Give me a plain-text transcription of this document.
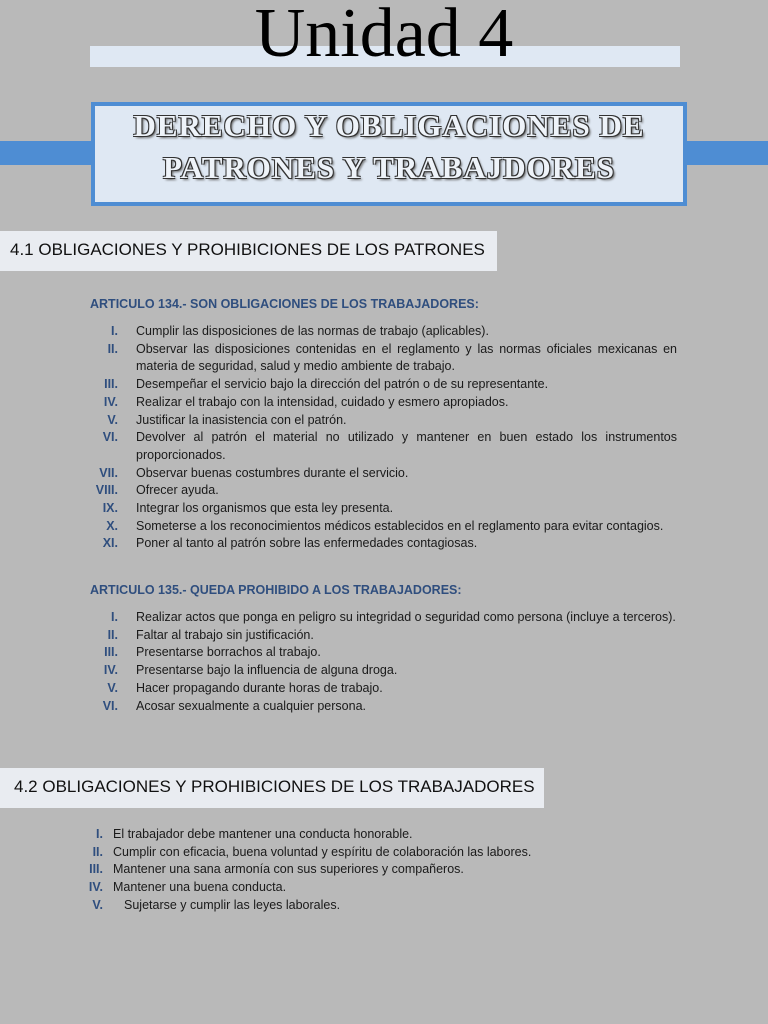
Unidad 4
DERECHO Y OBLIGACIONES DE
PATRONES Y TRABAJDORES
4.1 OBLIGACIONES Y PROHIBICIONES DE LOS PATRONES
ARTICULO 134.- SON OBLIGACIONES DE LOS TRABAJADORES:
I. Cumplir las disposiciones de las normas de trabajo (aplicables).
II. Observar las disposiciones contenidas en el reglamento y las normas oficiales mexicanas en materia de seguridad, salud y medio ambiente de trabajo.
III. Desempeñar el servicio bajo la dirección del patrón o de su representante.
IV. Realizar el trabajo con la intensidad, cuidado y esmero apropiados.
V. Justificar la inasistencia con el patrón.
VI. Devolver al patrón el material no utilizado y mantener en buen estado los instrumentos proporcionados.
VII. Observar buenas costumbres durante el servicio.
VIII. Ofrecer ayuda.
IX. Integrar los organismos que esta ley presenta.
X. Someterse a los reconocimientos médicos establecidos en el reglamento para evitar contagios.
XI. Poner al tanto al patrón sobre las enfermedades contagiosas.
ARTICULO 135.- QUEDA PROHIBIDO A LOS TRABAJADORES:
I. Realizar actos que ponga en peligro su integridad o seguridad como persona (incluye a terceros).
II. Faltar al trabajo sin justificación.
III. Presentarse borrachos al trabajo.
IV. Presentarse bajo la influencia de alguna droga.
V. Hacer propagando durante horas de trabajo.
VI. Acosar sexualmente a cualquier persona.
4.2 OBLIGACIONES Y PROHIBICIONES DE LOS TRABAJADORES
I. El trabajador debe mantener una conducta honorable.
II. Cumplir con eficacia, buena voluntad y espíritu de colaboración las labores.
III. Mantener una sana armonía con sus superiores y compañeros.
IV. Mantener una buena conducta.
V.	Sujetarse y cumplir las leyes laborales.
